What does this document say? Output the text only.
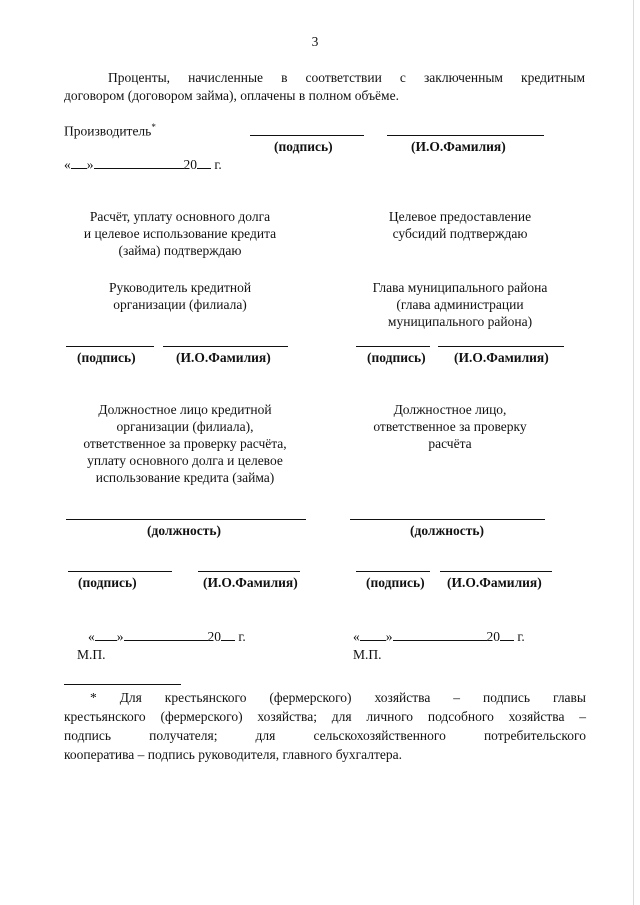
3
Проценты, начисленные в соответствии с заключенным кредитным
договором (договором займа), оплачены в полном объёме.
Производитель*
(подпись)	(И.О.Фамилия)
« »	20 г.
Расчёт, уплату основного долга
и целевое использование кредита
(займа) подтверждаю
Целевое предоставление
субсидий подтверждаю
Руководитель кредитной
организации (филиала)
Глава муниципального района
(глава администрации
муниципального района)
(подпись)	(И.О.Фамилия)	(подпись) (И.О.Фамилия)
Должностное лицо кредитной
организации (филиала),
ответственное за проверку расчёта,
уплату основного долга и целевое
использование кредита (займа)
Должностное лицо,
ответственное за проверку
расчёта
(должность)	(должность)
(подпись)	(И.О.Фамилия)	(подпись) (И.О.Фамилия)
« »	20 г.
М.П.
« »	20 г.
М.П.
* Для крестьянского (фермерского) хозяйства – подпись главы
крестьянского (фермерского) хозяйства; для личного подсобного хозяйства –
подпись получателя; для сельскохозяйственного потребительского
кооператива – подпись руководителя, главного бухгалтера.
